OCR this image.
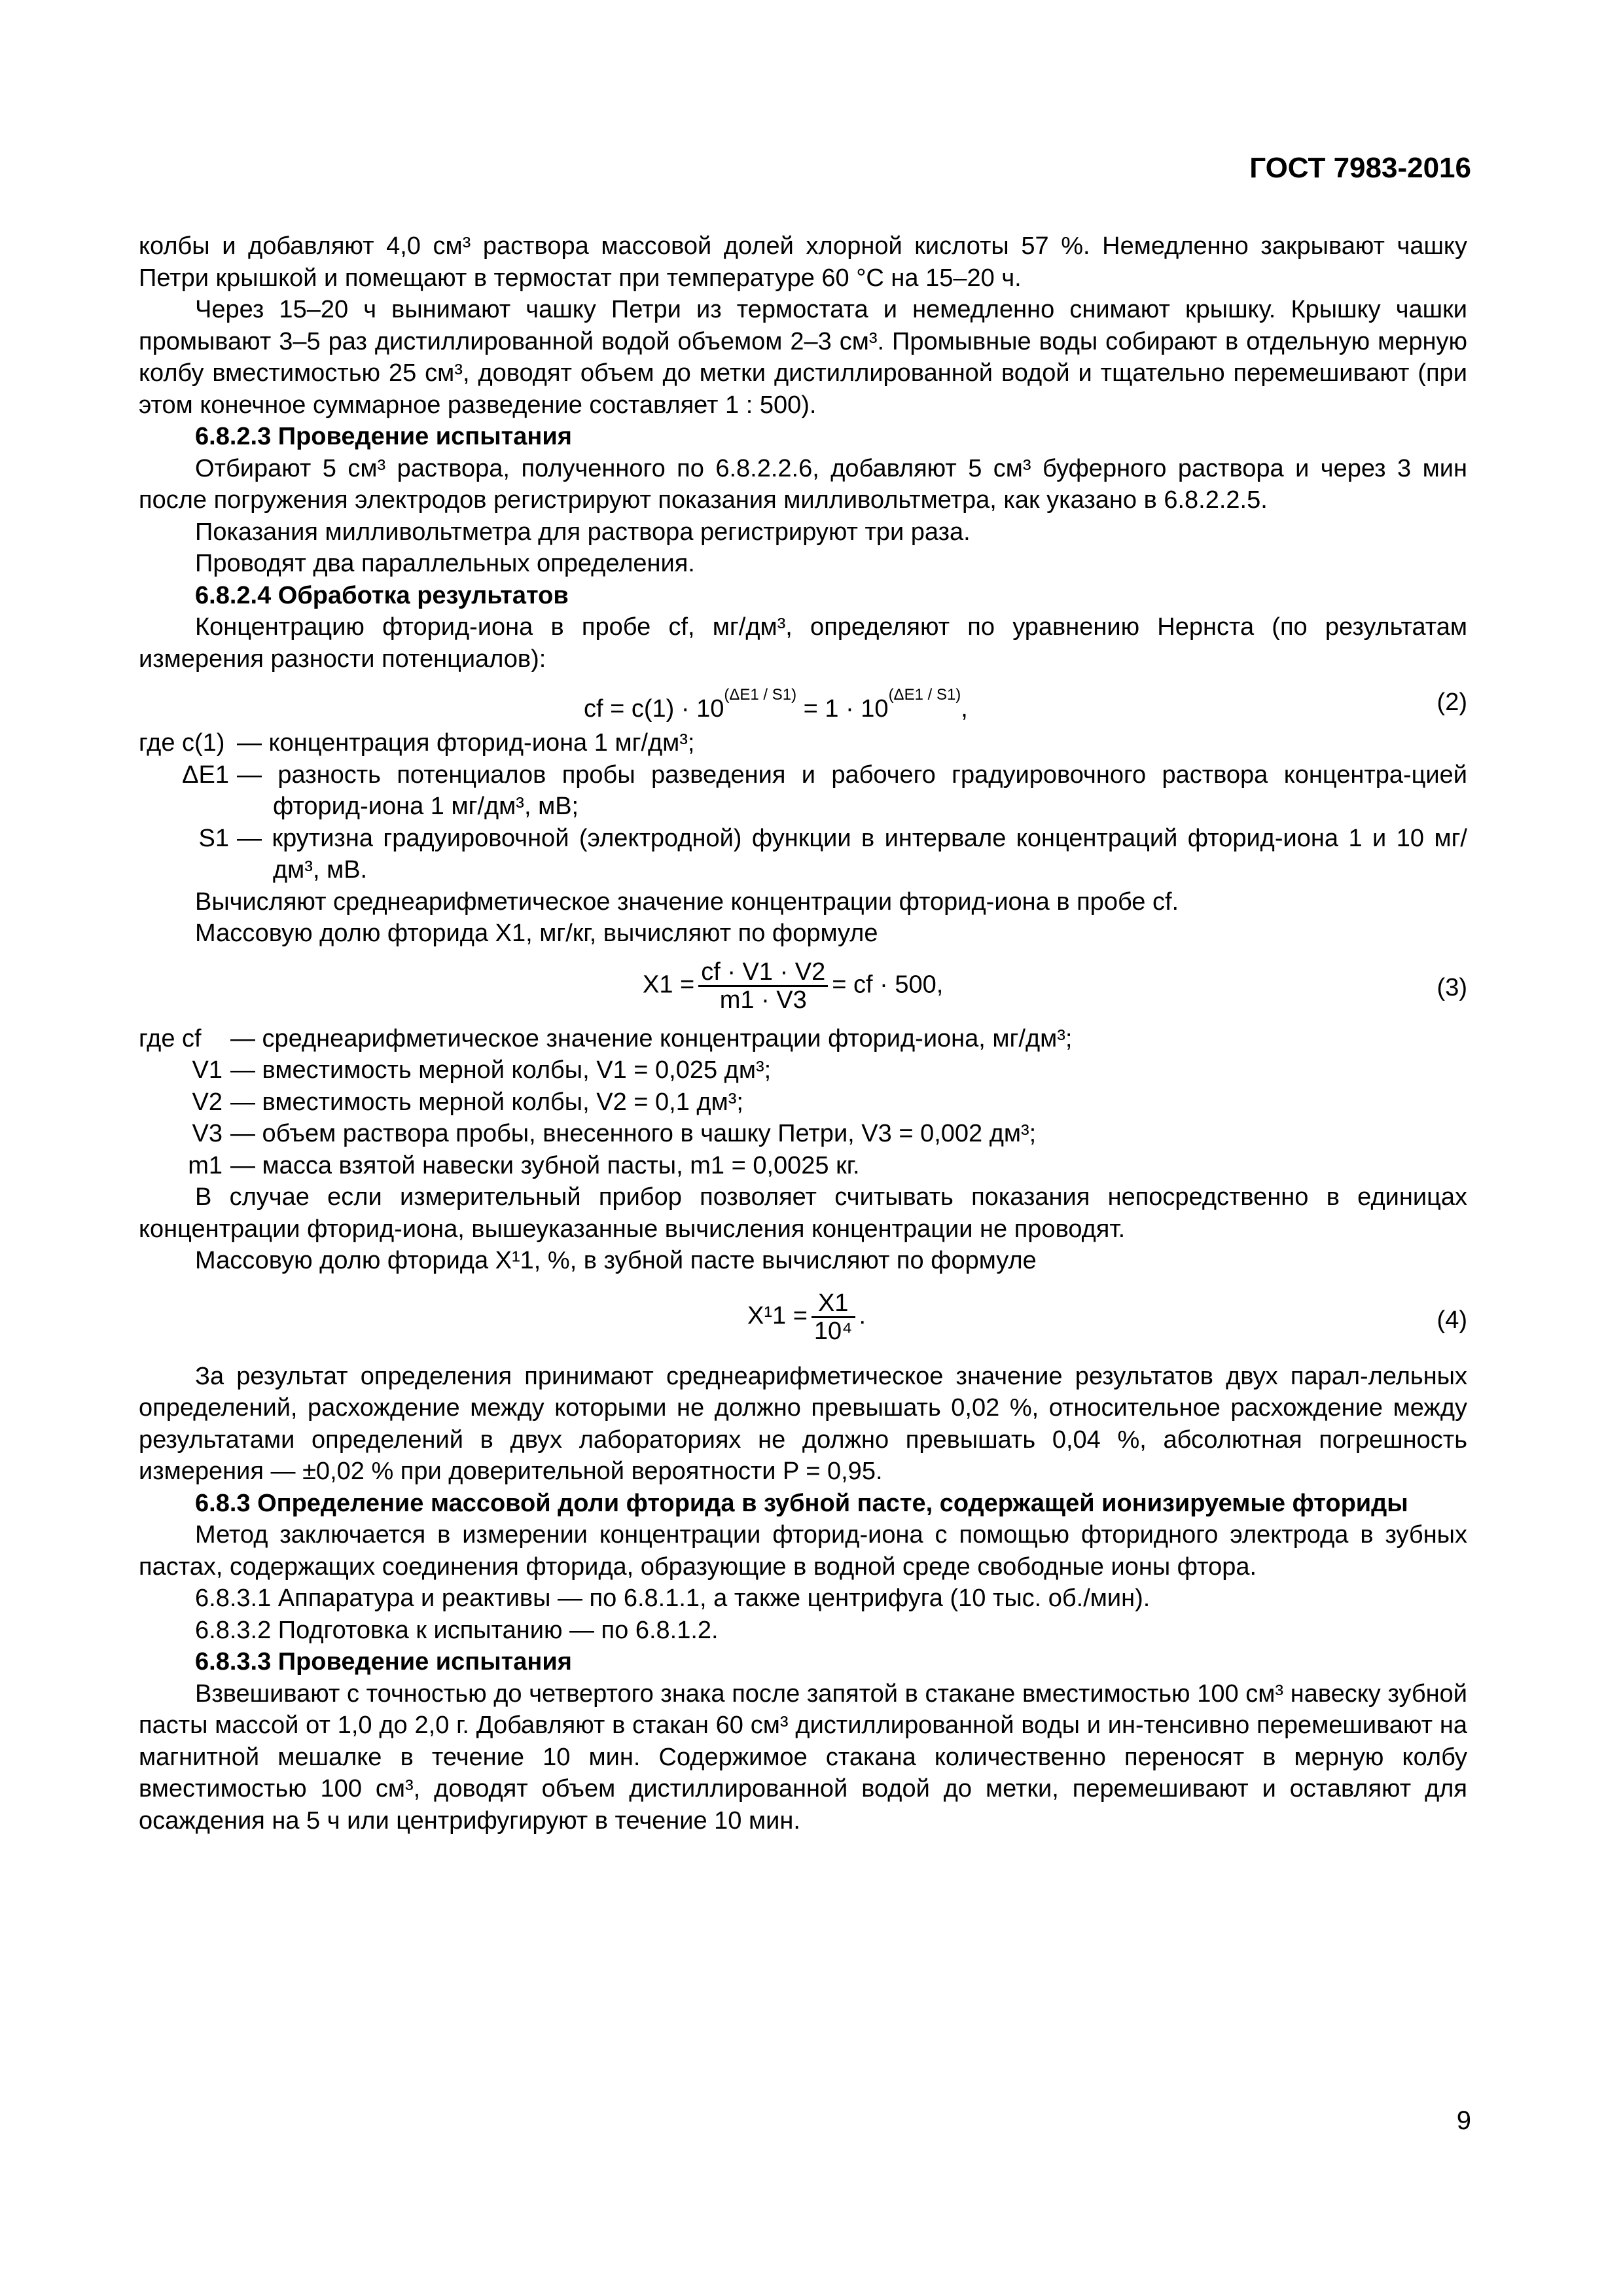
ГОСТ 7983-2016

колбы и добавляют 4,0 см³ раствора массовой долей хлорной кислоты 57 %. Немедленно закрывают чашку Петри крышкой и помещают в термостат при температуре 60 °С на 15–20 ч.

Через 15–20 ч вынимают чашку Петри из термостата и немедленно снимают крышку. Крышку чашки промывают 3–5 раз дистиллированной водой объемом 2–3 см³. Промывные воды собирают в отдельную мерную колбу вместимостью 25 см³, доводят объем до метки дистиллированной водой и тщательно перемешивают (при этом конечное суммарное разведение составляет 1 : 500).

6.8.2.3 Проведение испытания

Отбирают 5 см³ раствора, полученного по 6.8.2.2.6, добавляют 5 см³ буферного раствора и через 3 мин после погружения электродов регистрируют показания милливольтметра, как указано в 6.8.2.2.5.

Показания милливольтметра для раствора регистрируют три раза.

Проводят два параллельных определения.

6.8.2.4 Обработка результатов

Концентрацию фторид-иона в пробе cf, мг/дм³, определяют по уравнению Нернста (по результатам измерения разности потенциалов):

cf = $c(1) \cdot 10^{(\Delta E1 / S1)} = 1 \cdot 10^{(\Delta E1 / S1)}$,	(2)
где c(1) — концентрация фторид-иона 1 мг/дм³;
ΔE1 — разность потенциалов пробы разведения и рабочего градуировочного раствора концентра-цией фторид-иона 1 мг/дм³, мВ;
S1 — крутизна градуировочной (электродной) функции в интервале концентраций фторид-иона 1 и 10 мг/дм³, мВ.

Вычисляют среднеарифметическое значение концентрации фторид-иона в пробе cf.

Массовую долю фторида X1, мг/кг, вычисляют по формуле

$X1 = \frac{cf \cdot V1 \cdot V2}{m1 \cdot V3}$ = cf · 500,	(3)
где cf — среднеарифметическое значение концентрации фторид-иона, мг/дм³;
V1 — вместимость мерной колбы, V1 = 0,025 дм³;
V2 — вместимость мерной колбы, V2 = 0,1 дм³;
V3 — объем раствора пробы, внесенного в чашку Петри, V3 = 0,002 дм³;
m1 — масса взятой навески зубной пасты, m1 = 0,0025 кг.

В случае если измерительный прибор позволяет считывать показания непосредственно в единицах концентрации фторид-иона, вышеуказанные вычисления концентрации не проводят.

Массовую долю фторида X¹1, %, в зубной пасте вычисляют по формуле

$X^11 = \frac{X1}{\text{10⁴}}$ .	(4)

За результат определения принимают среднеарифметическое значение результатов двух парал-лельных определений, расхождение между которыми не должно превышать 0,02 %, относительное расхождение между результатами определений в двух лабораториях не должно превышать 0,04 %, абсолютная погрешность измерения — ±0,02 % при доверительной вероятности P = 0,95.

6.8.3 Определение массовой доли фторида в зубной пасте, содержащей ионизируемые фториды

Метод заключается в измерении концентрации фторид-иона с помощью фторидного электрода в зубных пастах, содержащих соединения фторида, образующие в водной среде свободные ионы фтора.

6.8.3.1 Аппаратура и реактивы — по 6.8.1.1, а также центрифуга (10 тыс. об./мин).

6.8.3.2 Подготовка к испытанию — по 6.8.1.2.

6.8.3.3 Проведение испытания

Взвешивают с точностью до четвертого знака после запятой в стакане вместимостью 100 см³ навеску зубной пасты массой от 1,0 до 2,0 г. Добавляют в стакан 60 см³ дистиллированной воды и ин-тенсивно перемешивают на магнитной мешалке в течение 10 мин. Содержимое стакана количественно переносят в мерную колбу вместимостью 100 см³, доводят объем дистиллированной водой до метки, перемешивают и оставляют для осаждения на 5 ч или центрифугируют в течение 10 мин.

9
